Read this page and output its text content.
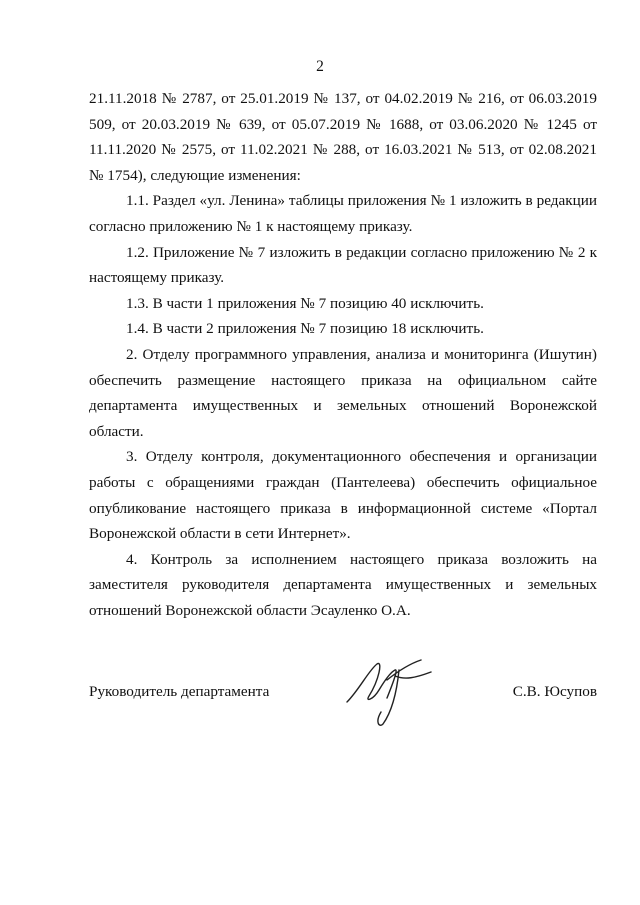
2

21.11.2018 № 2787, от 25.01.2019 № 137, от 04.02.2019 № 216, от 06.03.2019 509, от 20.03.2019 № 639, от 05.07.2019 № 1688, от 03.06.2020 № 1245 от 11.11.2020 № 2575, от 11.02.2021 № 288, от 16.03.2021 № 513, от 02.08.2021 № 1754), следующие изменения:

1.1. Раздел «ул. Ленина» таблицы приложения № 1 изложить в редакции согласно приложению № 1 к настоящему приказу.

1.2. Приложение № 7 изложить в редакции согласно приложению № 2 к настоящему приказу.

1.3. В части 1 приложения № 7 позицию 40 исключить.

1.4. В части 2 приложения № 7 позицию 18 исключить.

2. Отделу программного управления, анализа и мониторинга (Ишутин) обеспечить размещение настоящего приказа на официальном сайте департамента имущественных и земельных отношений Воронежской области.

3. Отделу контроля, документационного обеспечения и организации работы с обращениями граждан (Пантелеева) обеспечить официальное опубликование настоящего приказа в информационной системе «Портал Воронежской области в сети Интернет».

4. Контроль за исполнением настоящего приказа возложить на заместителя руководителя департамента имущественных и земельных отношений Воронежской области Эсауленко О.А.

Руководитель департамента	С.В. Юсупов
